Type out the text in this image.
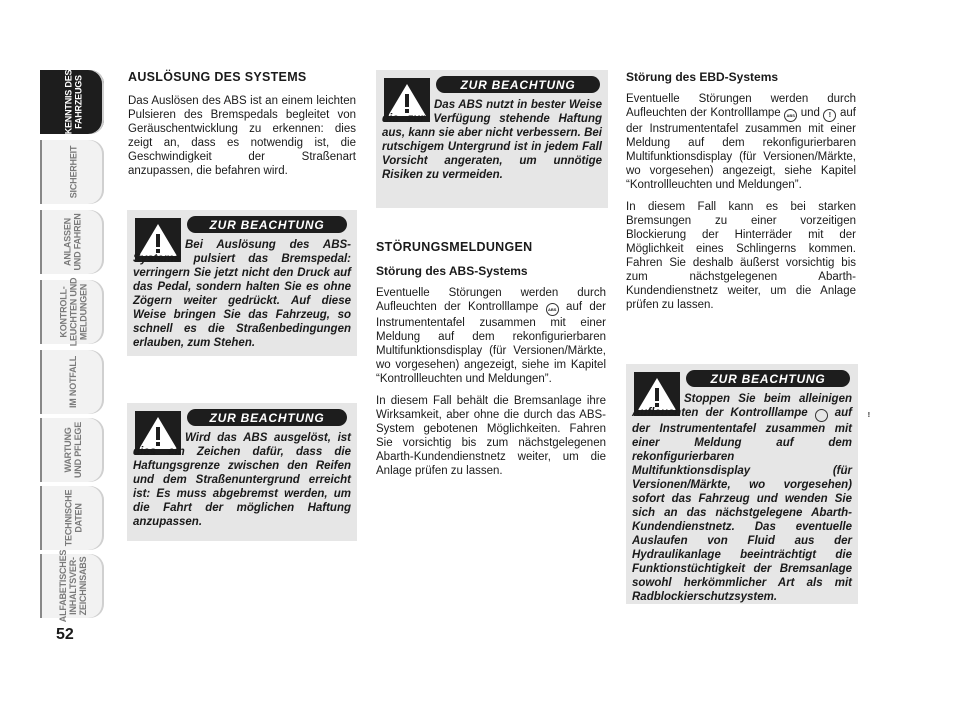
KENNTNIS DES
FAHRZEUGS
SICHERHEIT
ANLASSEN
UND FAHREN
KONTROLL-
LEUCHTEN UND
MELDUNGEN
IM NOTFALL
WARTUNG
UND PFLEGE
TECHNISCHE
DATEN
ALFABETISCHES
INHALTSVER-
ZEICHNISABS
52
AUSLÖSUNG DES SYSTEMS

Das Auslösen des ABS ist an einem leichten Pulsieren des Bremspedals begleitet von Geräuschentwicklung zu erkennen: dies zeigt an, dass es notwendig ist, die Geschwindigkeit der Straßenart anzupassen, die befahren wird.

ZUR BEACHTUNG
Bei Auslösung des ABS-Systems pulsiert das Bremspedal: verringern Sie jetzt nicht den Druck auf das Pedal, sondern halten Sie es ohne Zögern weiter gedrückt. Auf diese Weise bringen Sie das Fahrzeug, so schnell es die Straßenbedingungen erlauben, zum Stehen.
ZUR BEACHTUNG
Wird das ABS ausgelöst, ist dies ein Zeichen dafür, dass die Haftungsgrenze zwischen den Reifen und dem Straßenuntergrund erreicht ist: Es muss abgebremst werden, um die Fahrt der möglichen Haftung anzupassen.
ZUR BEACHTUNG
Das ABS nutzt in bester Weise die zur Verfügung stehende Haftung aus, kann sie aber nicht verbessern. Bei rutschigem Untergrund ist in jedem Fall Vorsicht angeraten, um unnötige Risiken zu vermeiden.
STÖRUNGSMELDUNGEN
Störung des ABS-Systems

Eventuelle Störungen werden durch Aufleuchten der Kontrolllampe ABS auf der Instrumententafel zusammen mit einer Meldung auf dem rekonfigurierbaren Multifunktionsdisplay (für Versionen/Märkte, wo vorgesehen) angezeigt, siehe im Kapitel “Kontrollleuchten und Meldungen”.

In diesem Fall behält die Bremsanlage ihre Wirksamkeit, aber ohne die durch das ABS-System gebotenen Möglichkeiten. Fahren Sie vorsichtig bis zum nächstgelegenen Abarth-Kundendienstnetz weiter, um die Anlage prüfen zu lassen.

Störung des EBD-Systems

Eventuelle Störungen werden durch Aufleuchten der Kontrolllampe ABS und ! auf der Instrumententafel zusammen mit einer Meldung auf dem rekonfigurierbaren Multifunktionsdisplay (für Versionen/Märkte, wo vorgesehen) angezeigt, siehe Kapitel “Kontrollleuchten und Meldungen”.

In diesem Fall kann es bei starken Bremsungen zu einer vorzeitigen Blockierung der Hinterräder mit der Möglichkeit eines Schlingerns kommen. Fahren Sie deshalb äußerst vorsichtig bis zum nächstgelegenen Abarth-Kundendienstnetz weiter, um die Anlage prüfen zu lassen.

ZUR BEACHTUNG
Stoppen Sie beim alleinigen Aufleuchten der Kontrolllampe	! auf der Instrumententafel zusammen mit einer Meldung auf dem rekonfigurierbaren Multifunktionsdisplay (für Versionen/Märkte, wo vorgesehen) sofort das Fahrzeug und wenden Sie sich an das nächstgelegene Abarth-Kundendienstnetz. Das eventuelle Auslaufen von Fluid aus der Hydraulikanlage beeinträchtigt die Funktionstüchtigkeit der Bremsanlage sowohl herkömmlicher Art als mit Radblockierschutzsystem.
